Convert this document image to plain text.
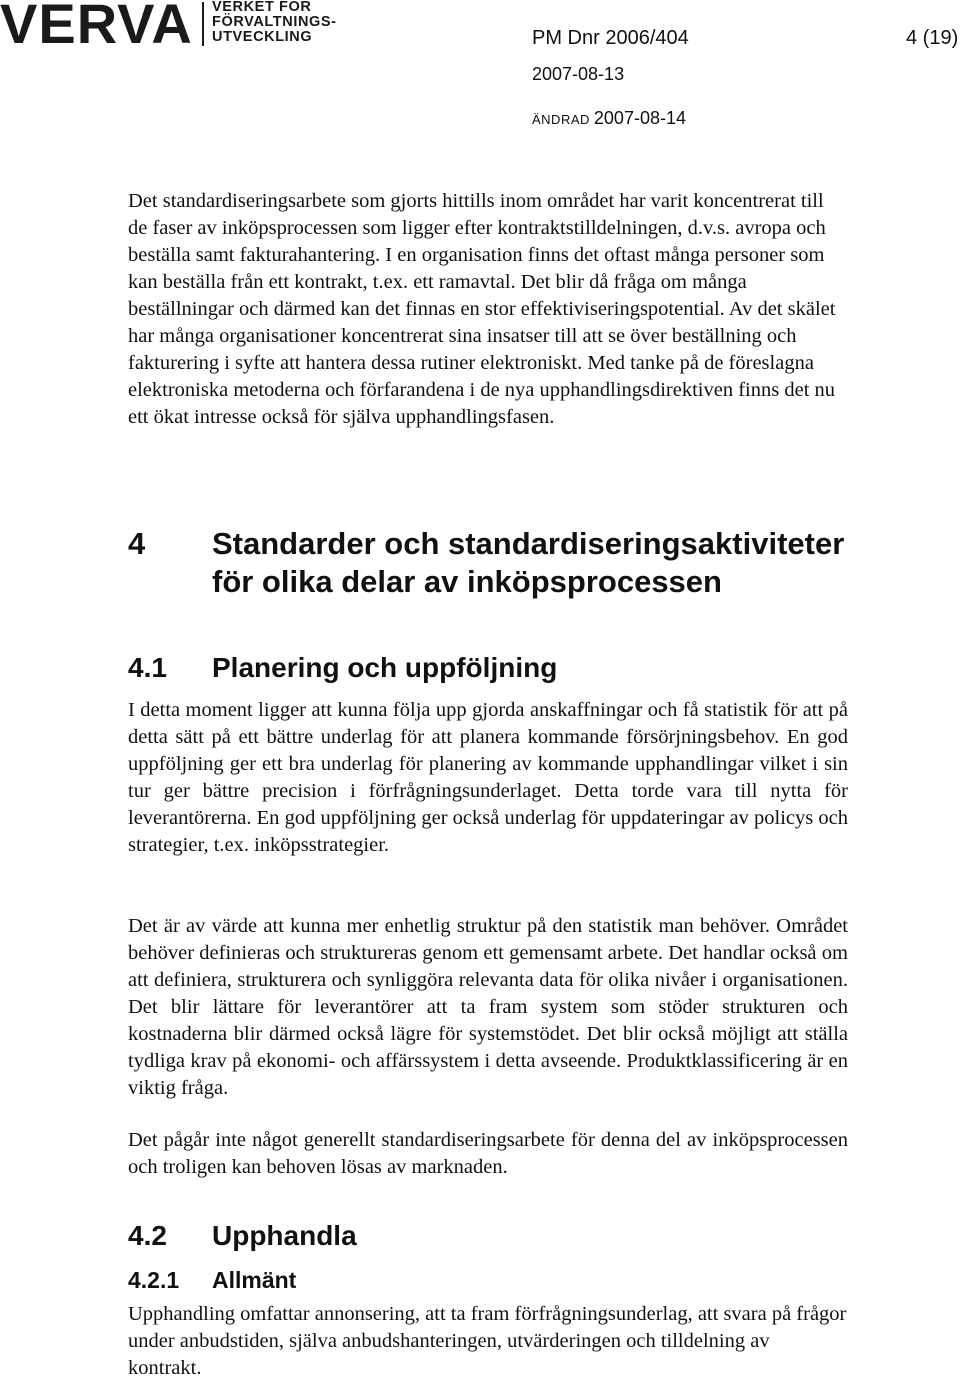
VERVA VERKET FÖR
FÖRVALTNINGS-
UTVECKLING	PM Dnr 2006/404	4 (19)
2007-08-13
ÄNDRAD 2007-08-14
Det standardiseringsarbete som gjorts hittills inom området har varit koncentrerat till de faser av inköpsprocessen som ligger efter kontraktstilldelningen, d.v.s. avropa och beställa samt fakturahantering. I en organisation finns det oftast många personer som kan beställa från ett kontrakt, t.ex. ett ramavtal. Det blir då fråga om många beställningar och därmed kan det finnas en stor effektiviseringspotential. Av det skälet har många organisationer koncentrerat sina insatser till att se över beställning och fakturering i syfte att hantera dessa rutiner elektroniskt. Med tanke på de föreslagna elektroniska metoderna och förfarandena i de nya upphandlingsdirektiven finns det nu ett ökat intresse också för själva upphandlingsfasen.
4 Standarder och standardiseringsaktiviteter för olika delar av inköpsprocessen
4.1 Planering och uppföljning
I detta moment ligger att kunna följa upp gjorda anskaffningar och få statistik för att på detta sätt på ett bättre underlag för att planera kommande försörjningsbehov. En god uppföljning ger ett bra underlag för planering av kommande upphandlingar vilket i sin tur ger bättre precision i förfrågningsunderlaget. Detta torde vara till nytta för leverantörerna. En god uppföljning ger också underlag för uppdateringar av policys och strategier, t.ex. inköpsstrategier.
Det är av värde att kunna mer enhetlig struktur på den statistik man behöver. Området behöver definieras och struktureras genom ett gemensamt arbete. Det handlar också om att definiera, strukturera och synliggöra relevanta data för olika nivåer i organisationen. Det blir lättare för leverantörer att ta fram system som stöder strukturen och kostnaderna blir därmed också lägre för systemstödet. Det blir också möjligt att ställa tydliga krav på ekonomi- och affärssystem i detta avseende. Produktklassificering är en viktig fråga.
Det pågår inte något generellt standardiseringsarbete för denna del av inköpsprocessen och troligen kan behoven lösas av marknaden.
4.2 Upphandla
4.2.1 Allmänt
Upphandling omfattar annonsering, att ta fram förfrågningsunderlag, att svara på frågor under anbudstiden, själva anbudshanteringen, utvärderingen och tilldelning av kontrakt.
